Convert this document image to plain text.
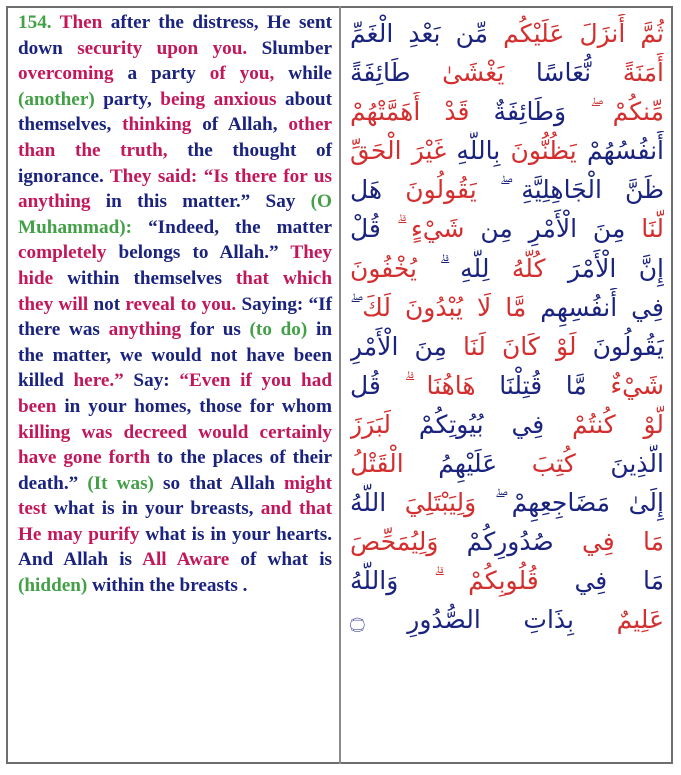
154. Then after the distress, He sent down security upon you. Slumber overcoming a party of you, while (another) party, being anxious about themselves, thinking of Allah, other than the truth, the thought of ignorance. They said: “Is there for us anything in this matter.” Say (O Muhammad): “Indeed, the matter completely belongs to Allah.” They hide within themselves that which they will not reveal to you. Saying: “If there was anything for us (to do) in the matter, we would not have been killed here.” Say: “Even if you had been in your homes, those for whom killing was decreed would certainly have gone forth to the places of their death.” (It was) so that Allah might test what is in your breasts, and that He may purify what is in your hearts. And Allah is All Aware of what is (hidden) within the breasts .
ثُمَّ أَنزَلَ عَلَيْكُم مِّن بَعْدِ الْغَمِّ
أَمَنَةً نُّعَاسًا يَغْشَىٰ طَائِفَةً
مِّنكُمْ ۖ وَطَائِفَةٌ قَدْ أَهَمَّتْهُمْ
أَنفُسُهُمْ يَظُنُّونَ بِاللَّهِ غَيْرَ الْحَقِّ
ظَنَّ الْجَاهِلِيَّةِ ۖ يَقُولُونَ هَل
لَّنَا مِنَ الْأَمْرِ مِن شَيْءٍ ۗ قُلْ
إِنَّ الْأَمْرَ كُلَّهُ لِلَّهِ ۗ يُخْفُونَ
فِي أَنفُسِهِم مَّا لَا يُبْدُونَ لَكَ ۖ
يَقُولُونَ لَوْ كَانَ لَنَا مِنَ الْأَمْرِ
شَيْءٌ مَّا قُتِلْنَا هَاهُنَا ۗ قُل
لَّوْ كُنتُمْ فِي بُيُوتِكُمْ لَبَرَزَ
الَّذِينَ كُتِبَ عَلَيْهِمُ الْقَتْلُ
إِلَىٰ مَضَاجِعِهِمْ ۖ وَلِيَبْتَلِيَ اللَّهُ
مَا فِي صُدُورِكُمْ وَلِيُمَحِّصَ
مَا فِي قُلُوبِكُمْ ۗ وَاللَّهُ
عَلِيمٌ بِذَاتِ الصُّدُورِ ۝
